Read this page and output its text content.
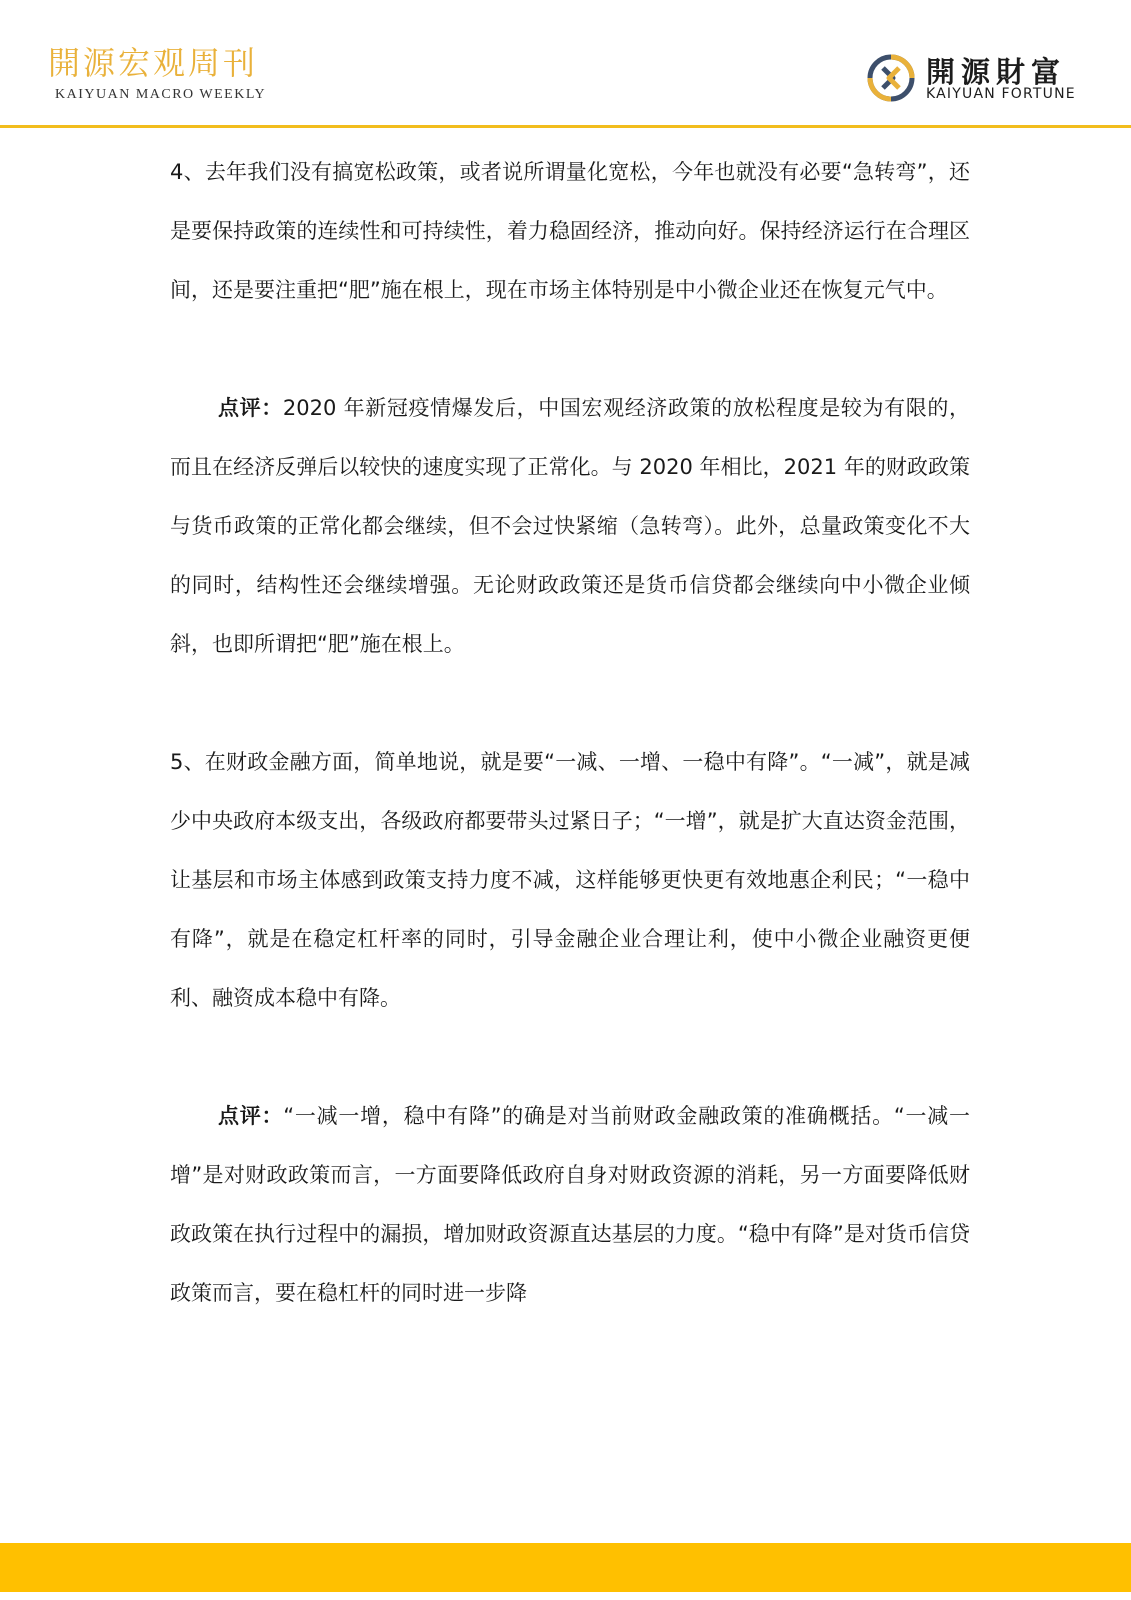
開源宏观周刊
KAIYUAN MACRO WEEKLY
開源財富
KAIYUAN FORTUNE

4、去年我们没有搞宽松政策，或者说所谓量化宽松，今年也就没有必要“急转弯”，还是要保持政策的连续性和可持续性，着力稳固经济，推动向好。保持经济运行在合理区间，还是要注重把“肥”施在根上，现在市场主体特别是中小微企业还在恢复元气中。

点评：2020 年新冠疫情爆发后，中国宏观经济政策的放松程度是较为有限的，而且在经济反弹后以较快的速度实现了正常化。与 2020 年相比，2021 年的财政政策与货币政策的正常化都会继续，但不会过快紧缩（急转弯）。此外，总量政策变化不大的同时，结构性还会继续增强。无论财政政策还是货币信贷都会继续向中小微企业倾斜，也即所谓把“肥”施在根上。

5、在财政金融方面，简单地说，就是要“一减、一增、一稳中有降”。“一减”，就是减少中央政府本级支出，各级政府都要带头过紧日子；“一增”，就是扩大直达资金范围，让基层和市场主体感到政策支持力度不减，这样能够更快更有效地惠企利民；“一稳中有降”，就是在稳定杠杆率的同时，引导金融企业合理让利，使中小微企业融资更便利、融资成本稳中有降。

点评：“一减一增，稳中有降”的确是对当前财政金融政策的准确概括。“一减一增”是对财政政策而言，一方面要降低政府自身对财政资源的消耗，另一方面要降低财政政策在执行过程中的漏损，增加财政资源直达基层的力度。“稳中有降”是对货币信贷政策而言，要在稳杠杆的同时进一步降
